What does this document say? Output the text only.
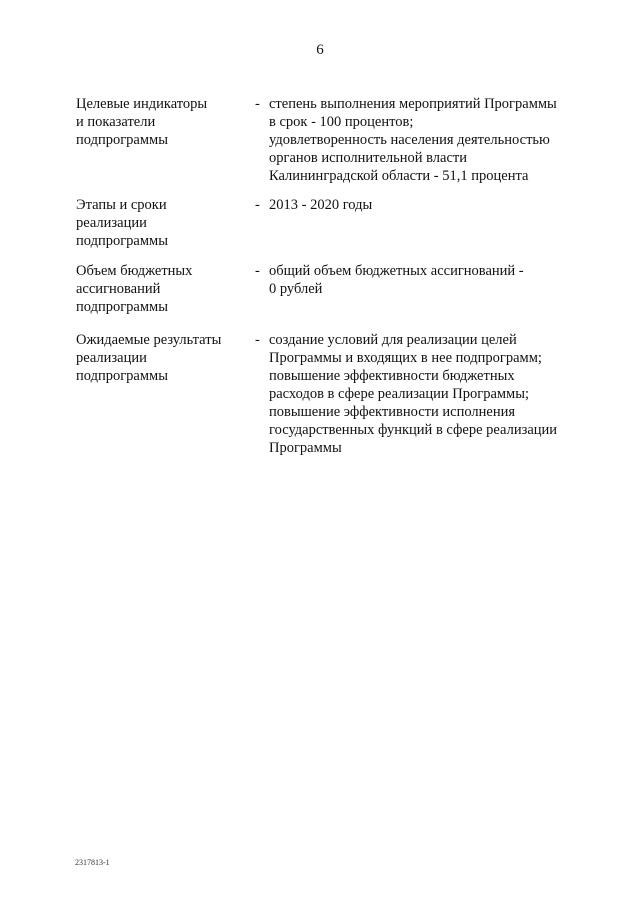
6
Целевые индикаторы
и показатели
подпрограммы
- степень выполнения мероприятий Программы
в срок - 100 процентов;
удовлетворенность населения деятельностью
органов исполнительной власти
Калининградской области - 51,1 процента
Этапы и сроки
реализации
подпрограммы
- 2013 - 2020 годы
Объем бюджетных
ассигнований
подпрограммы
- общий объем бюджетных ассигнований -
0 рублей
Ожидаемые результаты
реализации
подпрограммы
- создание условий для реализации целей
Программы и входящих в нее подпрограмм;
повышение эффективности бюджетных
расходов в сфере реализации Программы;
повышение эффективности исполнения
государственных функций в сфере реализации
Программы
2317813-1
